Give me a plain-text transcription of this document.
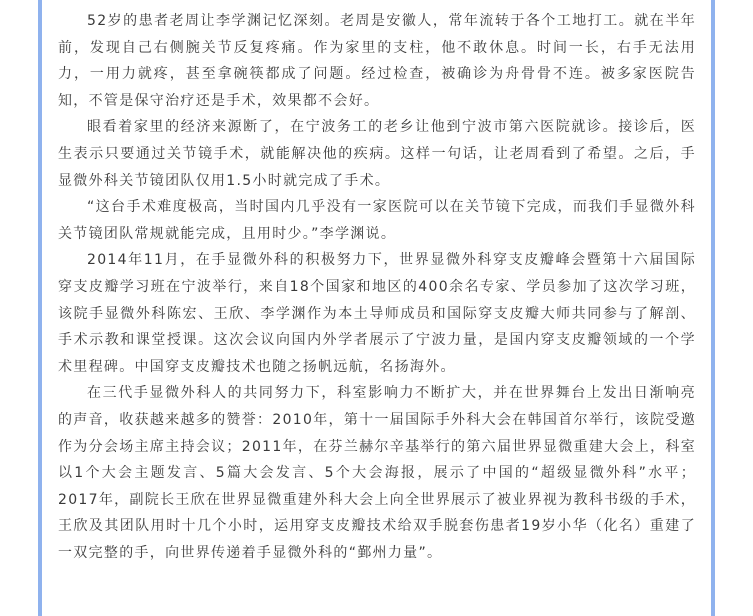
52岁的患者老周让李学渊记忆深刻。老周是安徽人，常年流转于各个工地打工。就在半年前，发现自己右侧腕关节反复疼痛。作为家里的支柱，他不敢休息。时间一长，右手无法用力，一用力就疼，甚至拿碗筷都成了问题。经过检查，被确诊为舟骨骨不连。被多家医院告知，不管是保守治疗还是手术，效果都不会好。

眼看着家里的经济来源断了，在宁波务工的老乡让他到宁波市第六医院就诊。接诊后，医生表示只要通过关节镜手术，就能解决他的疾病。这样一句话，让老周看到了希望。之后，手显微外科关节镜团队仅用1.5小时就完成了手术。

“这台手术难度极高，当时国内几乎没有一家医院可以在关节镜下完成，而我们手显微外科关节镜团队常规就能完成，且用时少。”李学渊说。

2014年11月，在手显微外科的积极努力下，世界显微外科穿支皮瓣峰会暨第十六届国际穿支皮瓣学习班在宁波举行，来自18个国家和地区的400余名专家、学员参加了这次学习班，该院手显微外科陈宏、王欣、李学渊作为本土导师成员和国际穿支皮瓣大师共同参与了解剖、手术示教和课堂授课。这次会议向国内外学者展示了宁波力量，是国内穿支皮瓣领域的一个学术里程碑。中国穿支皮瓣技术也随之扬帆远航，名扬海外。

在三代手显微外科人的共同努力下，科室影响力不断扩大，并在世界舞台上发出日渐响亮的声音，收获越来越多的赞誉：2010年，第十一届国际手外科大会在韩国首尔举行，该院受邀作为分会场主席主持会议；2011年，在芬兰赫尔辛基举行的第六届世界显微重建大会上，科室以1个大会主题发言、5篇大会发言、5个大会海报，展示了中国的“超级显微外科”水平；2017年，副院长王欣在世界显微重建外科大会上向全世界展示了被业界视为教科书级的手术，王欣及其团队用时十几个小时，运用穿支皮瓣技术给双手脱套伤患者19岁小华（化名）重建了一双完整的手，向世界传递着手显微外科的“鄞州力量”。
